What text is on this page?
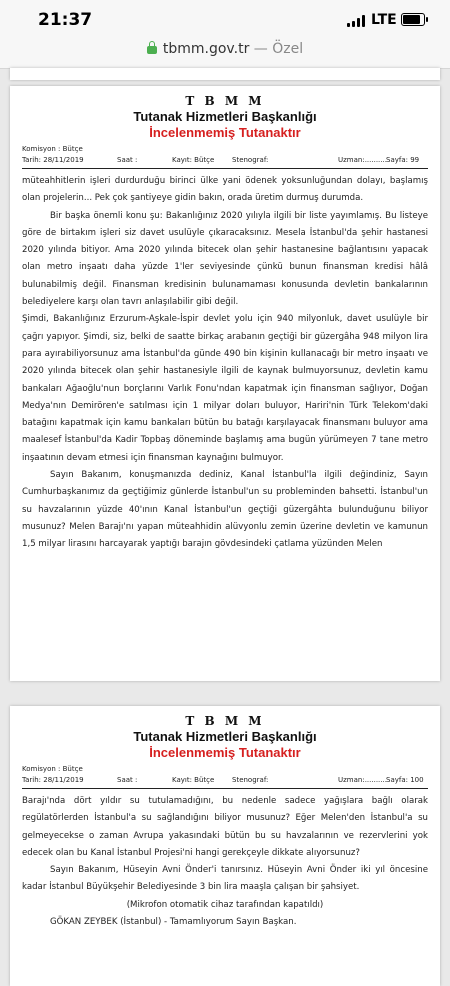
21:37	LTE
tbmm.gov.tr — Özel
T B M M
Tutanak Hizmetleri Başkanlığı
İncelenmemiş Tutanaktır
Komisyon : Bütçe
Tarih: 28/11/2019	Saat :	Kayıt: Bütçe	Stenograf:	Uzman:.......... Sayfa: 99

müteahhitlerin işleri durdurduğu birinci ülke yani ödenek yoksunluğundan dolayı, başlamış olan projelerin... Pek çok şantiyeye gidin bakın, orada üretim durmuş durumda.

Bir başka önemli konu şu: Bakanlığınız 2020 yılıyla ilgili bir liste yayımlamış. Bu listeye göre de birtakım işleri siz davet usulüyle çıkaracaksınız. Mesela İstanbul'da şehir hastanesi 2020 yılında bitiyor. Ama 2020 yılında bitecek olan şehir hastanesine bağlantısını yapacak olan metro inşaatı daha yüzde 1'ler seviyesinde çünkü bunun finansman kredisi hâlâ bulunabilmiş değil. Finansman kredisinin bulunamaması konusunda devletin bankalarının belediyelere karşı olan tavrı anlaşılabilir gibi değil.

Şimdi, Bakanlığınız Erzurum-Aşkale-İspir devlet yolu için 940 milyonluk, davet usulüyle bir çağrı yapıyor. Şimdi, siz, belki de saatte birkaç arabanın geçtiği bir güzergâha 948 milyon lira para ayırabiliyorsunuz ama İstanbul'da günde 490 bin kişinin kullanacağı bir metro inşaatı ve 2020 yılında bitecek olan şehir hastanesiyle ilgili de kaynak bulmuyorsunuz, devletin kamu bankaları Ağaoğlu'nun borçlarını Varlık Fonu'ndan kapatmak için finansman sağlıyor, Doğan Medya'nın Demirören'e satılması için 1 milyar doları buluyor, Hariri'nin Türk Telekom'daki batağını kapatmak için kamu bankaları bütün bu batağı karşılayacak finansmanı buluyor ama maalesef İstanbul'da Kadir Topbaş döneminde başlamış ama bugün yürümeyen 7 tane metro inşaatının devam etmesi için finansman kaynağını bulmuyor.

Sayın Bakanım, konuşmanızda dediniz, Kanal İstanbul'la ilgili değindiniz, Sayın Cumhurbaşkanımız da geçtiğimiz günlerde İstanbul'un su probleminden bahsetti. İstanbul'un su havzalarının yüzde 40'ının Kanal İstanbul'un geçtiği güzergâhta bulunduğunu biliyor musunuz? Melen Barajı'nı yapan müteahhidin alüvyonlu zemin üzerine devletin ve kamunun 1,5 milyar lirasını harcayarak yaptığı barajın gövdesindeki çatlama yüzünden Melen

T B M M
Tutanak Hizmetleri Başkanlığı
İncelenmemiş Tutanaktır
Komisyon : Bütçe
Tarih: 28/11/2019	Saat :	Kayıt: Bütçe	Stenograf:	Uzman:.......... Sayfa: 100

Barajı'nda dört yıldır su tutulamadığını, bu nedenle sadece yağışlara bağlı olarak regülatörlerden İstanbul'a su sağlandığını biliyor musunuz? Eğer Melen'den İstanbul'a su gelmeyecekse o zaman Avrupa yakasındaki bütün bu su havzalarının ve rezervlerini yok edecek olan bu Kanal İstanbul Projesi'ni hangi gerekçeyle dikkate alıyorsunuz?

Sayın Bakanım, Hüseyin Avni Önder'i tanırsınız. Hüseyin Avni Önder iki yıl öncesine kadar İstanbul Büyükşehir Belediyesinde 3 bin lira maaşla çalışan bir şahsiyet.

(Mikrofon otomatik cihaz tarafından kapatıldı)

GÖKAN ZEYBEK (İstanbul) - Tamamlıyorum Sayın Başkan.
